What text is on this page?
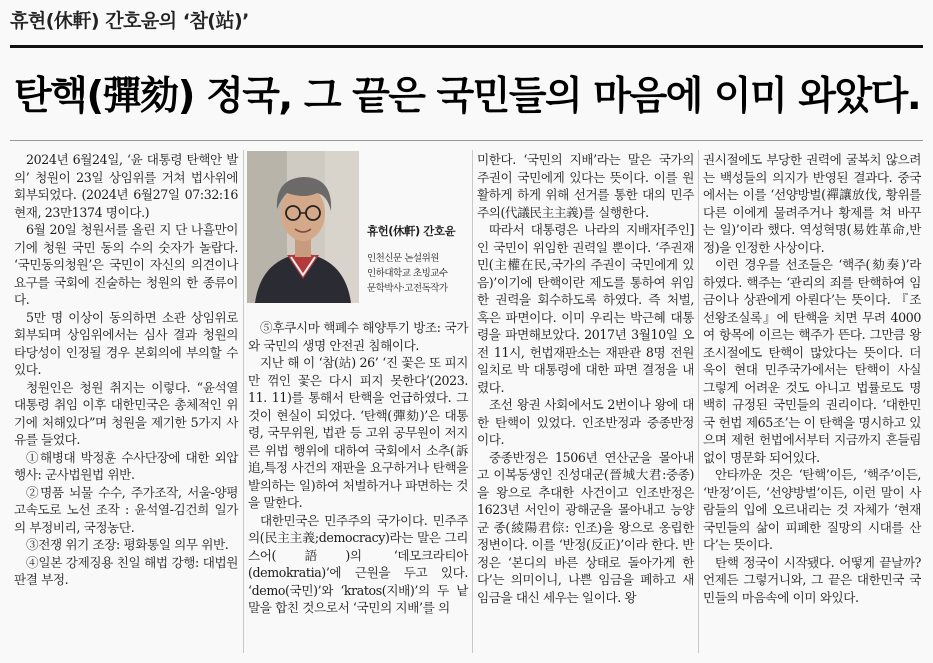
휴현(休軒) 간호윤의 ‘참(站)’
탄핵(彈劾) 정국, 그 끝은 국민들의 마음에 이미 와았다.

2024년 6월24일, ‘윤 대통령 탄핵안 발의’ 청원이 23일 상임위를 거쳐 법사위에 회부되었다. (2024년 6월27일 07:32:16 현재, 23만1374 명이다.)

6월 20일 청원서를 올린 지 단 나흘만이기에 청원 국민 동의 수의 숫자가 놀랍다. ‘국민동의청원’은 국민이 자신의 의견이나 요구를 국회에 진술하는 청원의 한 종류이다.

5만 명 이상이 동의하면 소관 상임위로 회부되며 상임위에서는 심사 결과 청원의 타당성이 인정될 경우 본회의에 부의할 수 있다.

청원인은 청원 취지는 이렇다. “윤석열 대통령 취임 이후 대한민국은 총체적인 위기에 처해있다”며 청원을 제기한 5가지 사유를 들었다.

①해병대 박정훈 수사단장에 대한 외압 행사: 군사법원법 위반.

②명품 뇌물 수수, 주가조작, 서울-양평 고속도로 노선 조작 : 윤석열-김건희 일가의 부정비리, 국정농단.

③전쟁 위기 조장: 평화통일 의무 위반.

④일본 강제징용 친일 해법 강행: 대법원 판결 부정.

휴헌(休軒) 간호윤
인천신문 논설위원
인하대학교 초빙교수
문학박사·고전독작가

⑤후쿠시마 핵폐수 해양투기 방조: 국가와 국민의 생명 안전권 침해이다.

지난 해 이 ‘참(站) 26’ ‘진 꽃은 또 피지만 꺾인 꽃은 다시 피지 못한다’(2023. 11. 11)를 통해서 탄핵을 언급하였다. 그것이 현실이 되었다. ‘탄핵(彈劾)’은 대통령, 국무위원, 법관 등 고위 공무원이 저지른 위법 행위에 대하여 국회에서 소추(訴追,특정 사건의 재판을 요구하거나 탄핵을 발의하는 일)하여 처벌하거나 파면하는 것을 말한다.

대한민국은 민주주의 국가이다. 민주주의(民主主義;democracy)라는 말은 그리스어(語)의 ‘데모크라티아(demokratia)’에 근원을 두고 있다. ‘demo(국민)’와 ‘kratos(지배)’의 두 낱말을 합친 것으로서 ‘국민의 지배’를 의

미한다. ‘국민의 지배’라는 말은 국가의 주권이 국민에게 있다는 뜻이다. 이를 원활하게 하게 위해 선거를 통한 대의 민주주의(代議民主主義)를 실행한다.

따라서 대통령은 나라의 지배자[주인]인 국민이 위임한 권력일 뿐이다. ‘주권재민(主權在民,국가의 주권이 국민에게 있음)’이기에 탄핵이란 제도를 통하여 위임한 권력을 회수하도록 하였다. 즉 처벌, 혹은 파면이다. 이미 우리는 박근혜 대통령을 파면해보았다. 2017년 3월10일 오전 11시, 헌법재판소는 재판관 8명 전원 일치로 박 대통령에 대한 파면 결정을 내렸다.

조선 왕권 사회에서도 2번이나 왕에 대한 탄핵이 있었다. 인조반정과 중종반정이다.

중종반정은 1506년 연산군을 몰아내고 이복동생인 진성대군(晉城大君:중종)을 왕으로 추대한 사건이고 인조반정은 1623년 서인이 광해군을 몰아내고 능양군 종(綾陽君倧: 인조)을 왕으로 옹립한 정변이다. 이를 ‘반정(反正)’이라 한다. 반정은 ‘본디의 바른 상태로 돌아가게 한다’는 의미이니, 나쁜 임금을 폐하고 새 임금을 대신 세우는 일이다. 왕

권시절에도 부당한 권력에 굴복치 않으려는 백성들의 의지가 반영된 결과다. 중국에서는 이를 ‘선양방벌(禪讓放伐, 황위를 다른 이에게 물려주거나 황제를 쳐 바꾸는 일)’이라 했다. 역성혁명(易姓革命,반정)을 인정한 사상이다.

이런 경우를 선조들은 ‘핵주(劾奏)’라 하였다. 핵주는 ‘관리의 죄를 탄핵하여 임금이나 상관에게 아뢴다’는 뜻이다. 『조선왕조실록』에 탄핵을 치면 무려 4000여 항목에 이르는 핵주가 뜬다. 그만큼 왕조시절에도 탄핵이 많았다는 뜻이다. 더욱이 현대 민주국가에서는 탄핵이 사실 그렇게 어려운 것도 아니고 법률로도 명백히 규정된 국민들의 권리이다. ‘대한민국 헌법 제65조’는 이 탄핵을 명시하고 있으며 제헌 헌법에서부터 지금까지 흔들림 없이 명문화 되어있다.

안타까운 것은 ‘탄핵’이든, ‘핵주’이든, ‘반정’이든, ‘선양방벌’이든, 이런 말이 사람들의 입에 오르내리는 것 자체가 ‘현재 국민들의 삶이 피폐한 질망의 시대를 산다’는 뜻이다.

탄핵 정국이 시작됐다. 어떻게 끝날까? 언제든 그렇거니와, 그 끝은 대한민국 국민들의 마음속에 이미 와있다.
